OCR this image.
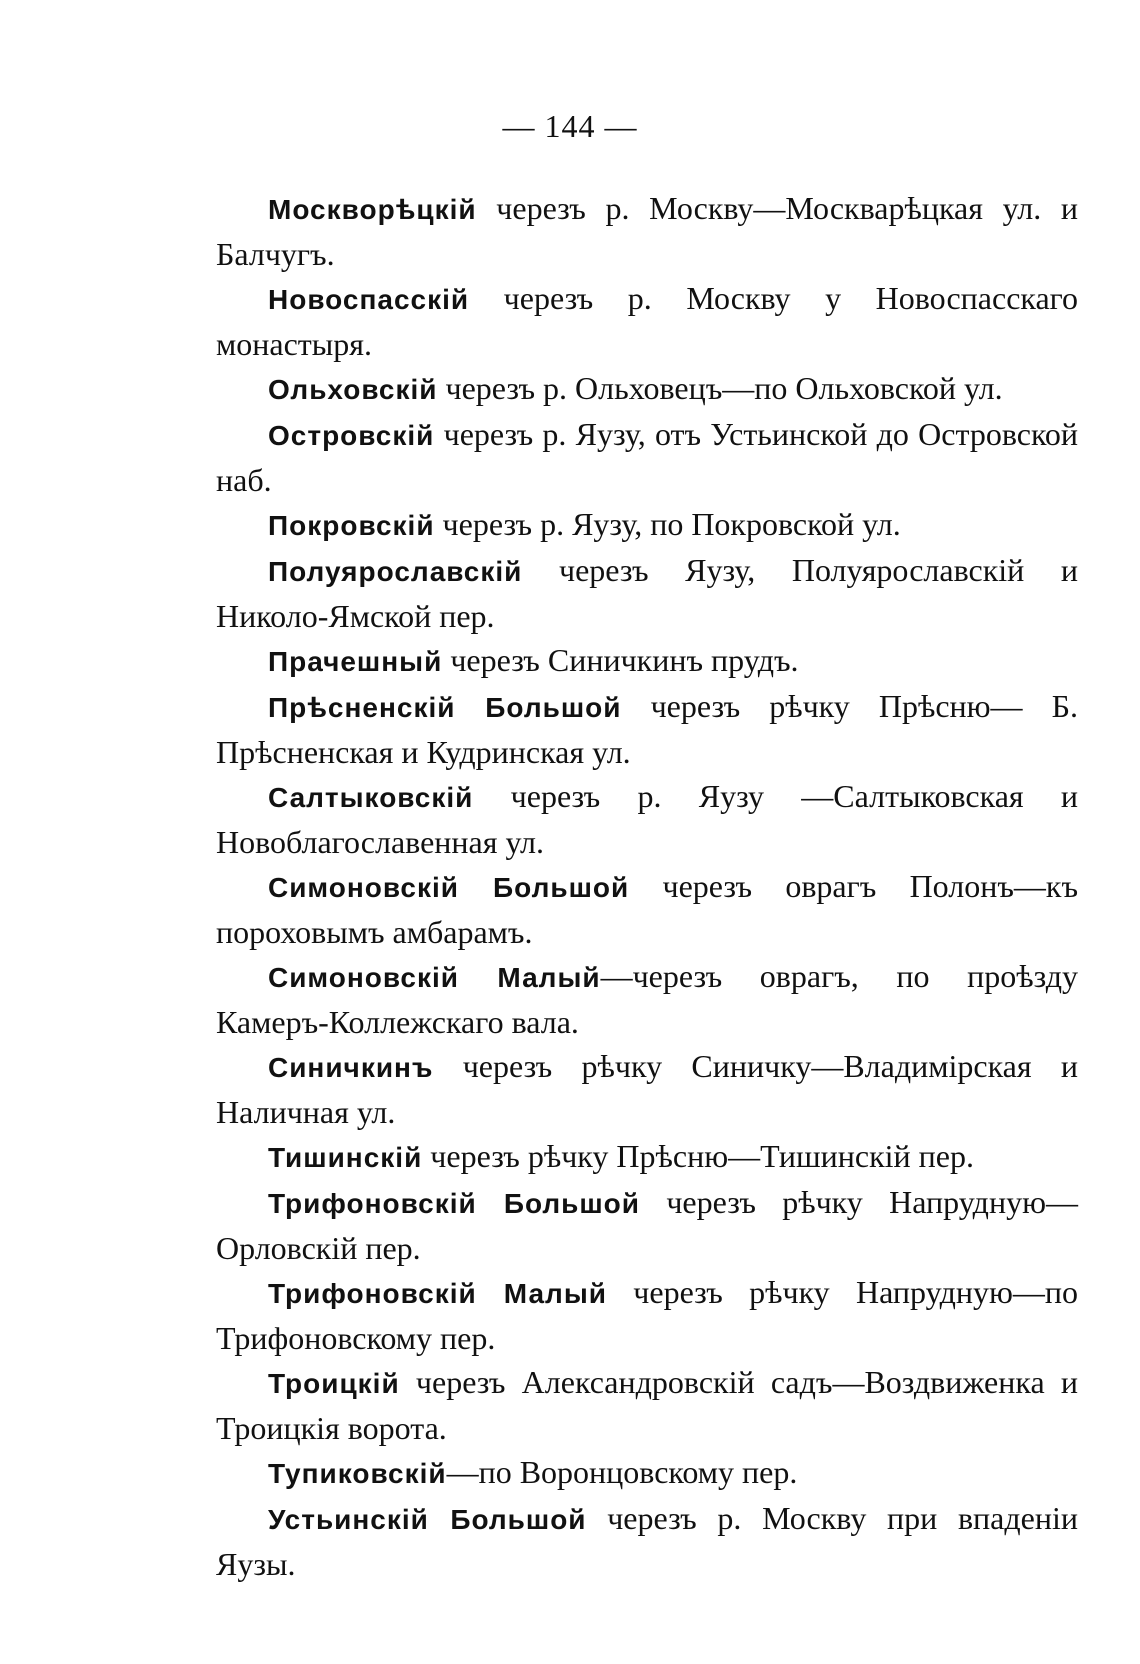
— 144 —

Москворѣцкій черезъ р. Москву—Москварѣцкая ул. и Балчугъ.

Новоспасскій черезъ р. Москву у Новоспасскаго монастыря.

Ольховскій черезъ р. Ольховецъ—по Ольховской ул.

Островскій черезъ р. Яузу, отъ Устьинской до Островской наб.

Покровскій черезъ р. Яузу, по Покровской ул.

Полуярославскій черезъ Яузу, Полуярославскій и Николо-Ямской пер.

Прачешный черезъ Синичкинъ прудъ.

Прѣсненскій Большой черезъ рѣчку Прѣсню— Б. Прѣсненская и Кудринская ул.

Салтыковскій черезъ р. Яузу —Салтыковская и Новоблагославенная ул.

Симоновскій Большой черезъ оврагъ Полонъ—къ пороховымъ амбарамъ.

Симоновскій Малый—черезъ оврагъ, по проѣзду Камеръ-Коллежскаго вала.

Синичкинъ черезъ рѣчку Синичку—Владимірская и Наличная ул.

Тишинскій черезъ рѣчку Прѣсню—Тишинскій пер.

Трифоновскій Большой черезъ рѣчку Напрудную—Орловскій пер.

Трифоновскій Малый черезъ рѣчку Напрудную—по Трифоновскому пер.

Троицкій черезъ Александровскій садъ—Воздвиженка и Троицкія ворота.

Тупиковскій—по Воронцовскому пер.

Устьинскій Большой черезъ р. Москву при впаденіи Яузы.
